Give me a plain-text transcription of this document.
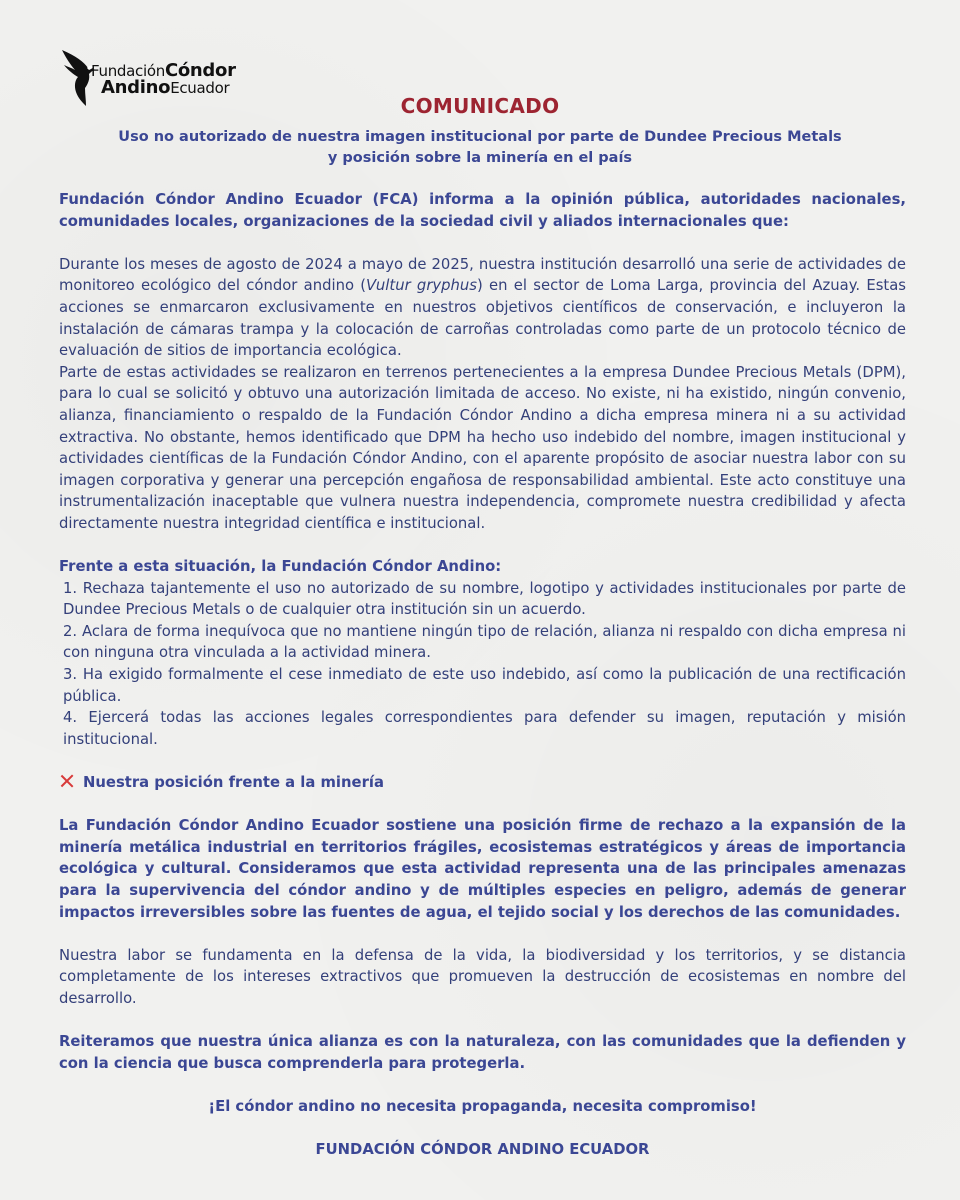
FundaciónCóndor
AndinoEcuador
COMUNICADO
Uso no autorizado de nuestra imagen institucional por parte de Dundee Precious Metals
y posición sobre la minería en el país

Fundación Cóndor Andino Ecuador (FCA) informa a la opinión pública, autoridades nacionales, comunidades locales, organizaciones de la sociedad civil y aliados internacionales que:

Durante los meses de agosto de 2024 a mayo de 2025, nuestra institución desarrolló una serie de actividades de monitoreo ecológico del cóndor andino (Vultur gryphus) en el sector de Loma Larga, provincia del Azuay. Estas acciones se enmarcaron exclusivamente en nuestros objetivos científicos de conservación, e incluyeron la instalación de cámaras trampa y la colocación de carroñas controladas como parte de un protocolo técnico de evaluación de sitios de importancia ecológica.

Parte de estas actividades se realizaron en terrenos pertenecientes a la empresa Dundee Precious Metals (DPM), para lo cual se solicitó y obtuvo una autorización limitada de acceso. No existe, ni ha existido, ningún convenio, alianza, financiamiento o respaldo de la Fundación Cóndor Andino a dicha empresa minera ni a su actividad extractiva. No obstante, hemos identificado que DPM ha hecho uso indebido del nombre, imagen institucional y actividades científicas de la Fundación Cóndor Andino, con el aparente propósito de asociar nuestra labor con su imagen corporativa y generar una percepción engañosa de responsabilidad ambiental. Este acto constituye una instrumentalización inaceptable que vulnera nuestra independencia, compromete nuestra credibilidad y afecta directamente nuestra integridad científica e institucional.

Frente a esta situación, la Fundación Cóndor Andino:

1. Rechaza tajantemente el uso no autorizado de su nombre, logotipo y actividades institucionales por parte de Dundee Precious Metals o de cualquier otra institución sin un acuerdo.

2. Aclara de forma inequívoca que no mantiene ningún tipo de relación, alianza ni respaldo con dicha empresa ni con ninguna otra vinculada a la actividad minera.

3. Ha exigido formalmente el cese inmediato de este uso indebido, así como la publicación de una rectificación pública.

4. Ejercerá todas las acciones legales correspondientes para defender su imagen, reputación y misión institucional.

Nuestra posición frente a la minería

La Fundación Cóndor Andino Ecuador sostiene una posición firme de rechazo a la expansión de la minería metálica industrial en territorios frágiles, ecosistemas estratégicos y áreas de importancia ecológica y cultural. Consideramos que esta actividad representa una de las principales amenazas para la supervivencia del cóndor andino y de múltiples especies en peligro, además de generar impactos irreversibles sobre las fuentes de agua, el tejido social y los derechos de las comunidades.

Nuestra labor se fundamenta en la defensa de la vida, la biodiversidad y los territorios, y se distancia completamente de los intereses extractivos que promueven la destrucción de ecosistemas en nombre del desarrollo.

Reiteramos que nuestra única alianza es con la naturaleza, con las comunidades que la defienden y con la ciencia que busca comprenderla para protegerla.

¡El cóndor andino no necesita propaganda, necesita compromiso!

FUNDACIÓN CÓNDOR ANDINO ECUADOR
